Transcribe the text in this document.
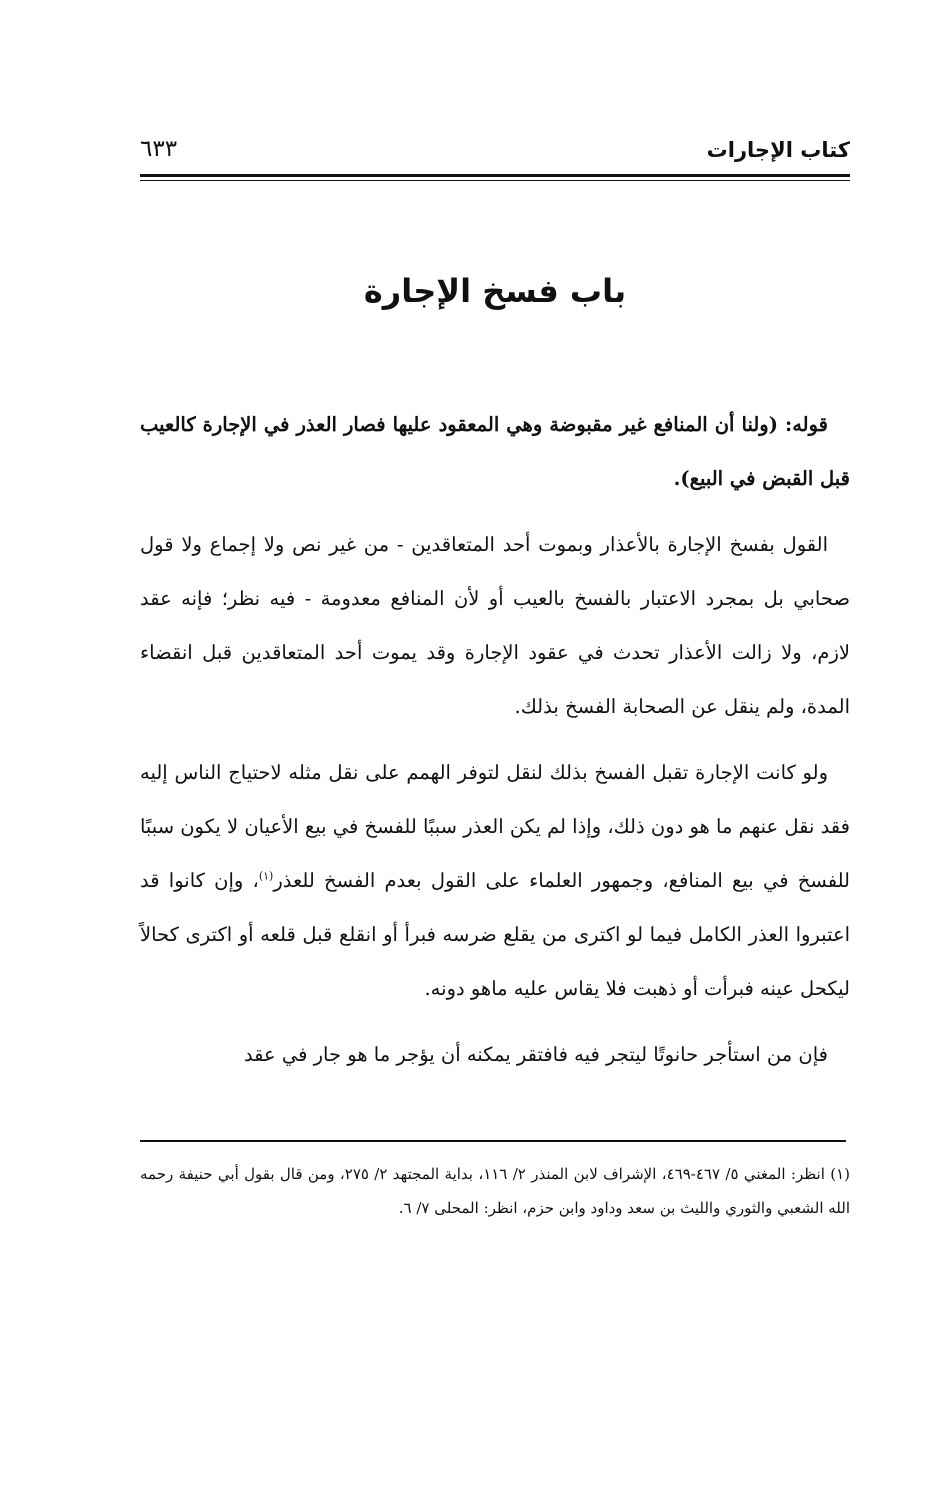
كتاب الإجارات
٦٣٣
باب فسخ الإجارة

قوله: (ولنا أن المنافع غير مقبوضة وهي المعقود عليها فصار العذر في الإجارة كالعيب قبل القبض في البيع).

القول بفسخ الإجارة بالأعذار وبموت أحد المتعاقدين - من غير نص ولا إجماع ولا قول صحابي بل بمجرد الاعتبار بالفسخ بالعيب أو لأن المنافع معدومة - فيه نظر؛ فإنه عقد لازم، ولا زالت الأعذار تحدث في عقود الإجارة وقد يموت أحد المتعاقدين قبل انقضاء المدة، ولم ينقل عن الصحابة الفسخ بذلك.

ولو كانت الإجارة تقبل الفسخ بذلك لنقل لتوفر الهمم على نقل مثله لاحتياج الناس إليه فقد نقل عنهم ما هو دون ذلك، وإذا لم يكن العذر سببًا للفسخ في بيع الأعيان لا يكون سببًا للفسخ في بيع المنافع، وجمهور العلماء على القول بعدم الفسخ للعذر$^{(١)}$، وإن كانوا قد اعتبروا العذر الكامل فيما لو اكترى من يقلع ضرسه فبرأ أو انقلع قبل قلعه أو اكترى كحالاً ليكحل عينه فبرأت أو ذهبت فلا يقاس عليه ماهو دونه.

فإن من استأجر حانوتًا ليتجر فيه فافتقر يمكنه أن يؤجر ما هو جار في عقد

(١) انظر: المغني ٥/ ٤٦٧-٤٦٩، الإشراف لابن المنذر ٢/ ١١٦، بداية المجتهد ٢/ ٢٧٥، ومن قال بقول أبي حنيفة رحمه الله الشعبي والثوري والليث بن سعد وداود وابن حزم، انظر: المحلى ٧/ ٦.
